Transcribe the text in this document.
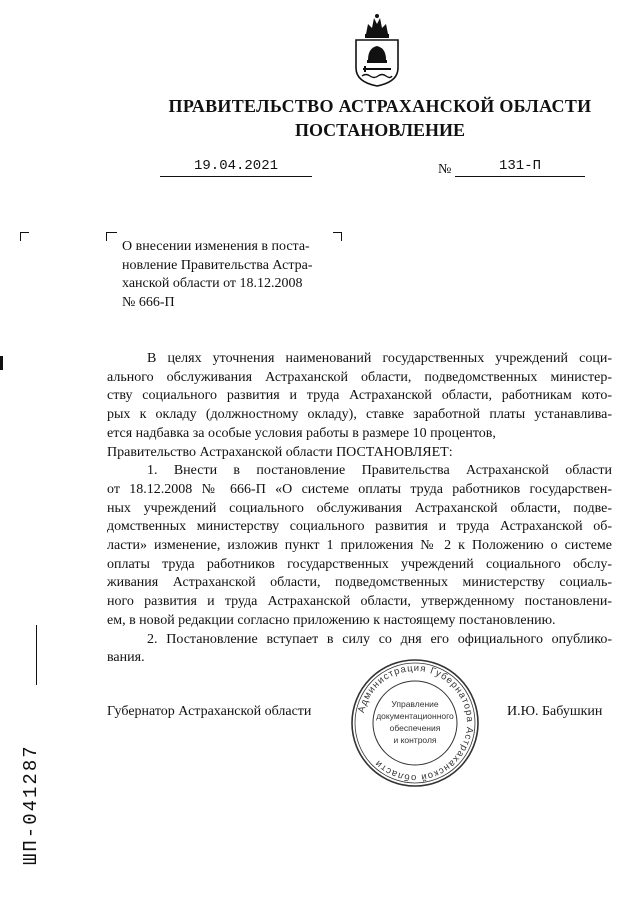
ПРАВИТЕЛЬСТВО АСТРАХАНСКОЙ ОБЛАСТИ
ПОСТАНОВЛЕНИЕ
19.04.2021	№	131-П
О внесении изменения в поста-
новление Правительства Астра-
ханской области от 18.12.2008
№ 666-П
В целях уточнения наименований государственных учреждений соци-
ального обслуживания Астраханской области, подведомственных министер-
ству социального развития и труда Астраханской области, работникам кото-
рых к окладу (должностному окладу), ставке заработной платы устанавлива-
ется надбавка за особые условия работы в размере 10 процентов,
Правительство Астраханской области ПОСТАНОВЛЯЕТ:
1. Внести в постановление Правительства Астраханской области
от 18.12.2008 № 666-П «О системе оплаты труда работников государствен-
ных учреждений социального обслуживания Астраханской области, подве-
домственных министерству социального развития и труда Астраханской об-
ласти» изменение, изложив пункт 1 приложения № 2 к Положению о системе
оплаты труда работников государственных учреждений социального обслу-
живания Астраханской области, подведомственных министерству социаль-
ного развития и труда Астраханской области, утвержденному постановлени-
ем, в новой редакции согласно приложению к настоящему постановлению.
2. Постановление вступает в силу со дня его официального опублико-
вания.
Губернатор Астраханской области	И.Ю. Бабушкин
Администрация Губернатора Астраханской области
Управление
документационного
обеспечения
и контроля
ШП-041287
